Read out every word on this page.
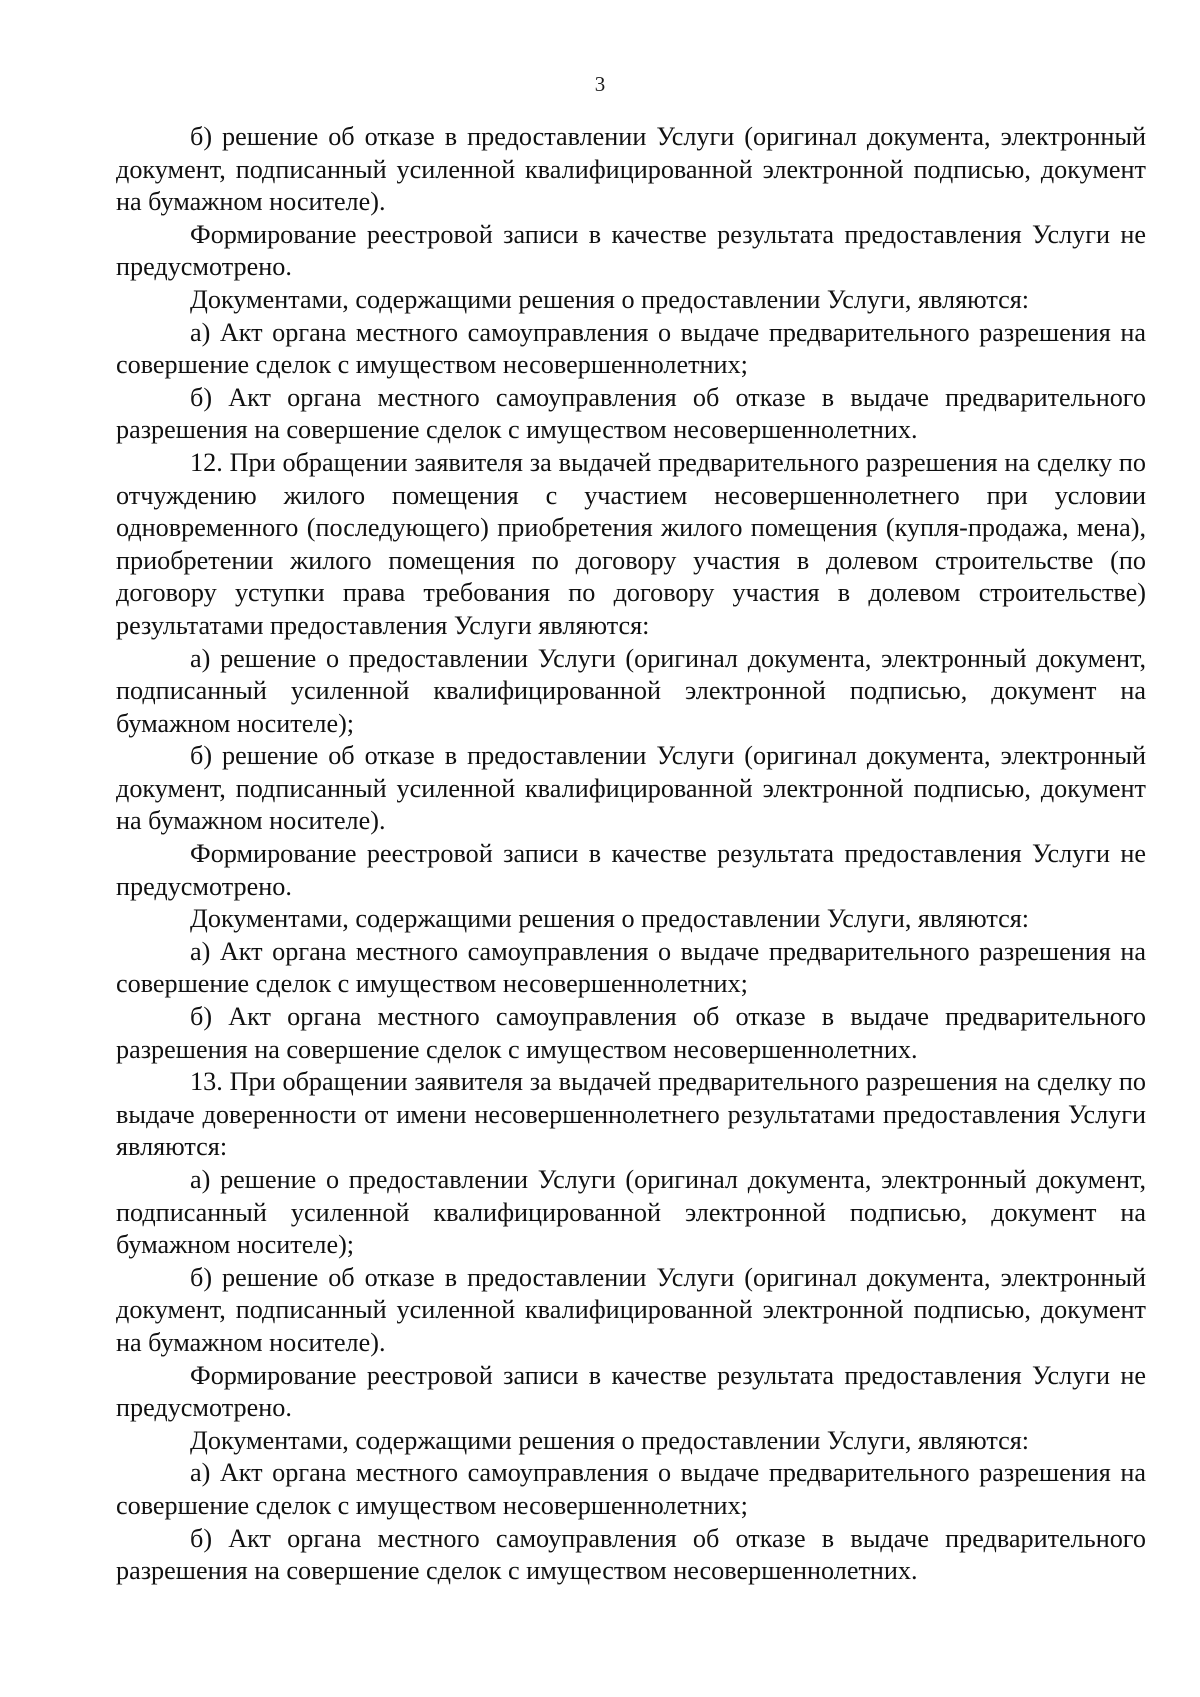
3

б) решение об отказе в предоставлении Услуги (оригинал документа, электронный документ, подписанный усиленной квалифицированной электронной подписью, документ на бумажном носителе).

Формирование реестровой записи в качестве результата предоставления Услуги не предусмотрено.

Документами, содержащими решения о предоставлении Услуги, являются:

а) Акт органа местного самоуправления о выдаче предварительного разрешения на совершение сделок с имуществом несовершеннолетних;

б) Акт органа местного самоуправления об отказе в выдаче предварительного разрешения на совершение сделок с имуществом несовершеннолетних.

12. При обращении заявителя за выдачей предварительного разрешения на сделку по отчуждению жилого помещения с участием несовершеннолетнего при условии одновременного (последующего) приобретения жилого помещения (купля-продажа, мена), приобретении жилого помещения по договору участия в долевом строительстве (по договору уступки права требования по договору участия в долевом строительстве) результатами предоставления Услуги являются:

а) решение о предоставлении Услуги (оригинал документа, электронный документ, подписанный усиленной квалифицированной электронной подписью, документ на бумажном носителе);

б) решение об отказе в предоставлении Услуги (оригинал документа, электронный документ, подписанный усиленной квалифицированной электронной подписью, документ на бумажном носителе).

Формирование реестровой записи в качестве результата предоставления Услуги не предусмотрено.

Документами, содержащими решения о предоставлении Услуги, являются:

а) Акт органа местного самоуправления о выдаче предварительного разрешения на совершение сделок с имуществом несовершеннолетних;

б) Акт органа местного самоуправления об отказе в выдаче предварительного разрешения на совершение сделок с имуществом несовершеннолетних.

13. При обращении заявителя за выдачей предварительного разрешения на сделку по выдаче доверенности от имени несовершеннолетнего результатами предоставления Услуги являются:

а) решение о предоставлении Услуги (оригинал документа, электронный документ, подписанный усиленной квалифицированной электронной подписью, документ на бумажном носителе);

б) решение об отказе в предоставлении Услуги (оригинал документа, электронный документ, подписанный усиленной квалифицированной электронной подписью, документ на бумажном носителе).

Формирование реестровой записи в качестве результата предоставления Услуги не предусмотрено.

Документами, содержащими решения о предоставлении Услуги, являются:

а) Акт органа местного самоуправления о выдаче предварительного разрешения на совершение сделок с имуществом несовершеннолетних;

б) Акт органа местного самоуправления об отказе в выдаче предварительного разрешения на совершение сделок с имуществом несовершеннолетних.
